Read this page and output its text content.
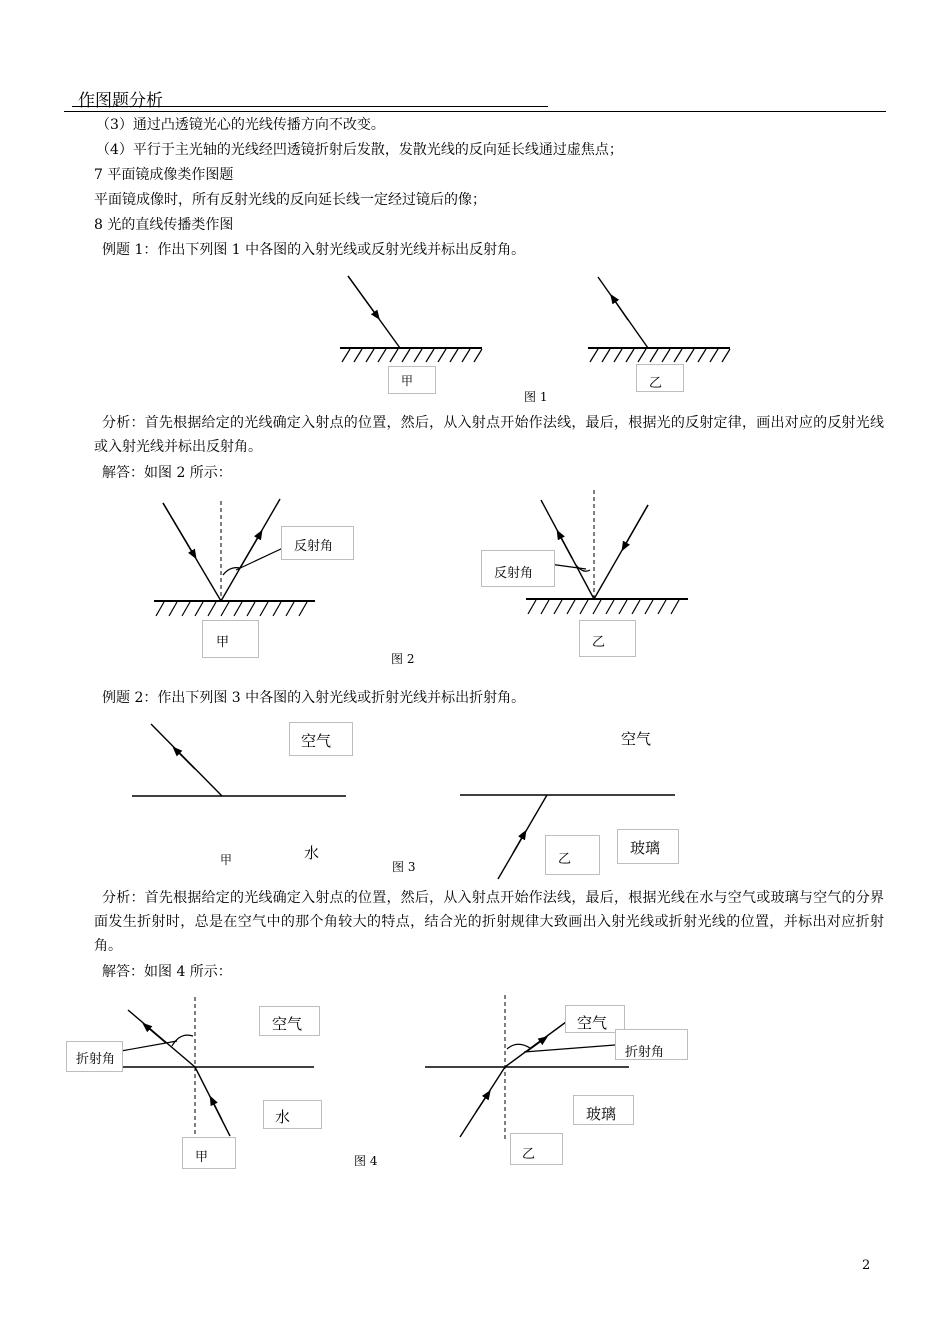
作图题分析
（3）通过凸透镜光心的光线传播方向不改变。
（4）平行于主光轴的光线经凹透镜折射后发散，发散光线的反向延长线通过虚焦点；
7 平面镜成像类作图题
平面镜成像时，所有反射光线的反向延长线一定经过镜后的像；
8 光的直线传播类作图
例题 1：作出下列图 1 中各图的入射光线或反射光线并标出反射角。
甲	乙
图 1
分析：首先根据给定的光线确定入射点的位置，然后，从入射点开始作法线，最后，根据光的反射定律，画出对应的反射光线或入射光线并标出反射角。
解答：如图 2 所示：
反射角
反射角
甲	乙
图 2
例题 2：作出下列图 3 中各图的入射光线或折射光线并标出折射角。
空气	空气
水
甲	图 3	乙
玻璃
分析：首先根据给定的光线确定入射点的位置，然后，从入射点开始作法线，最后，根据光线在水与空气或玻璃与空气的分界面发生折射时，总是在空气中的那个角较大的特点，结合光的折射规律大致画出入射光线或折射光线的位置，并标出对应折射角。
解答：如图 4 所示：
空气
折射角
水
甲	图 4
空气
折射角
玻璃
乙
2
